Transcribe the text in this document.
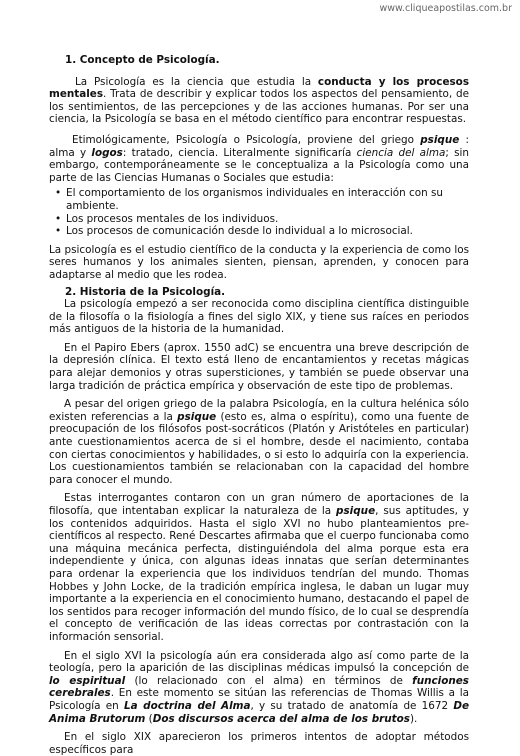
www.cliqueapostilas.com.br
1. Concepto de Psicología.

La Psicología es la ciencia que estudia la conducta y los procesos mentales. Trata de describir y explicar todos los aspectos del pensamiento, de los sentimientos, de las percepciones y de las acciones humanas. Por ser una ciencia, la Psicología se basa en el método científico para encontrar respuestas.

Etimológicamente, Psicología o Psicología, proviene del griego psique : alma y logos: tratado, ciencia. Literalmente significaría ciencia del alma; sin embargo, contemporáneamente se le conceptualiza a la Psicología como una parte de las Ciencias Humanas o Sociales que estudia:

• El comportamiento de los organismos individuales en interacción con su ambiente.
• Los procesos mentales de los individuos.
• Los procesos de comunicación desde lo individual a lo microsocial.

La psicología es el estudio científico de la conducta y la experiencia de como los seres humanos y los animales sienten, piensan, aprenden, y conocen para adaptarse al medio que les rodea.

2. Historia de la Psicología.

La psicología empezó a ser reconocida como disciplina científica distinguible de la filosofía o la fisiología a fines del siglo XIX, y tiene sus raíces en periodos más antiguos de la historia de la humanidad.

En el Papiro Ebers (aprox. 1550 adC) se encuentra una breve descripción de la depresión clínica. El texto está lleno de encantamientos y recetas mágicas para alejar demonios y otras supersticiones, y también se puede observar una larga tradición de práctica empírica y observación de este tipo de problemas.

A pesar del origen griego de la palabra Psicología, en la cultura helénica sólo existen referencias a la psique (esto es, alma o espíritu), como una fuente de preocupación de los filósofos post-socráticos (Platón y Aristóteles en particular) ante cuestionamientos acerca de si el hombre, desde el nacimiento, contaba con ciertas conocimientos y habilidades, o si esto lo adquiría con la experiencia. Los cuestionamientos también se relacionaban con la capacidad del hombre para conocer el mundo.

Estas interrogantes contaron con un gran número de aportaciones de la filosofía, que intentaban explicar la naturaleza de la psique, sus aptitudes, y los contenidos adquiridos. Hasta el siglo XVI no hubo planteamientos pre-científicos al respecto. René Descartes afirmaba que el cuerpo funcionaba como una máquina mecánica perfecta, distinguiéndola del alma porque esta era independiente y única, con algunas ideas innatas que serían determinantes para ordenar la experiencia que los individuos tendrían del mundo. Thomas Hobbes y John Locke, de la tradición empírica inglesa, le daban un lugar muy importante a la experiencia en el conocimiento humano, destacando el papel de los sentidos para recoger información del mundo físico, de lo cual se desprendía el concepto de verificación de las ideas correctas por contrastación con la información sensorial.

En el siglo XVI la psicología aún era considerada algo así como parte de la teología, pero la aparición de las disciplinas médicas impulsó la concepción de lo espiritual (lo relacionado con el alma) en términos de funciones cerebrales. En este momento se sitúan las referencias de Thomas Willis a la Psicología en La doctrina del Alma, y su tratado de anatomía de 1672 De Anima Brutorum (Dos discursos acerca del alma de los brutos).

En el siglo XIX aparecieron los primeros intentos de adoptar métodos específicos para
